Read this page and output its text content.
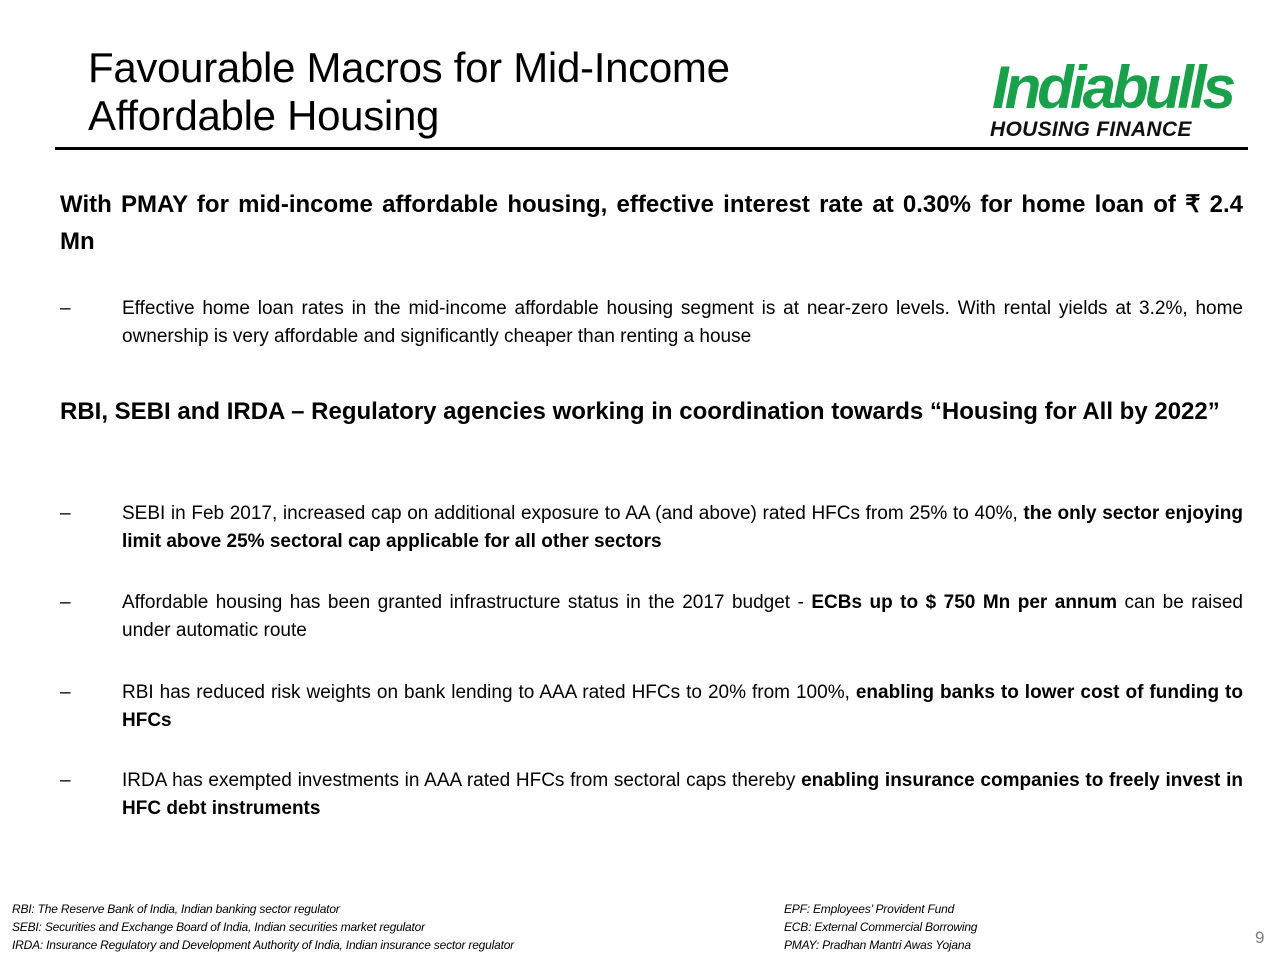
Favourable Macros for Mid-Income
Affordable Housing	Indiabulls
HOUSING FINANCE
With PMAY for mid-income affordable housing, effective interest rate at 0.30% for home loan of ₹ 2.4 Mn
‒	Effective home loan rates in the mid-income affordable housing segment is at near-zero levels. With rental yields at 3.2%, home ownership is very affordable and significantly cheaper than renting a house
RBI, SEBI and IRDA – Regulatory agencies working in coordination towards “Housing for All by 2022”
‒	SEBI in Feb 2017, increased cap on additional exposure to AA (and above) rated HFCs from 25% to 40%, the only sector enjoying limit above 25% sectoral cap applicable for all other sectors
‒	Affordable housing has been granted infrastructure status in the 2017 budget - ECBs up to $ 750 Mn per annum can be raised under automatic route
‒	RBI has reduced risk weights on bank lending to AAA rated HFCs to 20% from 100%, enabling banks to lower cost of funding to HFCs
‒	IRDA has exempted investments in AAA rated HFCs from sectoral caps thereby enabling insurance companies to freely invest in HFC debt instruments
RBI: The Reserve Bank of India, Indian banking sector regulator
SEBI: Securities and Exchange Board of India, Indian securities market regulator
IRDA: Insurance Regulatory and Development Authority of India, Indian insurance sector regulator
EPF: Employees’ Provident Fund
ECB: External Commercial Borrowing
PMAY: Pradhan Mantri Awas Yojana	9
